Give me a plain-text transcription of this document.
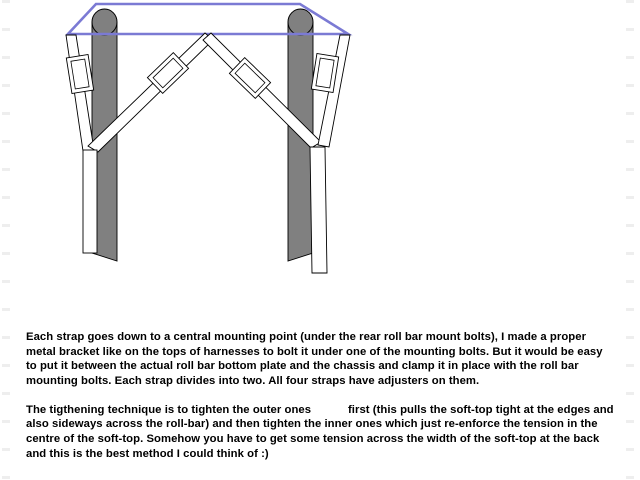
Each strap goes down to a central mounting point (under the rear roll bar mount bolts), I made a proper metal bracket like on the tops of harnesses to bolt it under one of the mounting bolts. But it would be easy to put it between the actual roll bar bottom plate and the chassis and clamp it in place with the roll bar mounting bolts. Each strap divides into two. All four straps have adjusters on them.

The tigthening technique is to tighten the outer ones	first (this pulls the soft-top tight at the edges and also sideways across the roll-bar) and then tighten the inner ones which just re-enforce the tension in the centre of the soft-top. Somehow you have to get some tension across the width of the soft-top at the back and this is the best method I could think of :)
